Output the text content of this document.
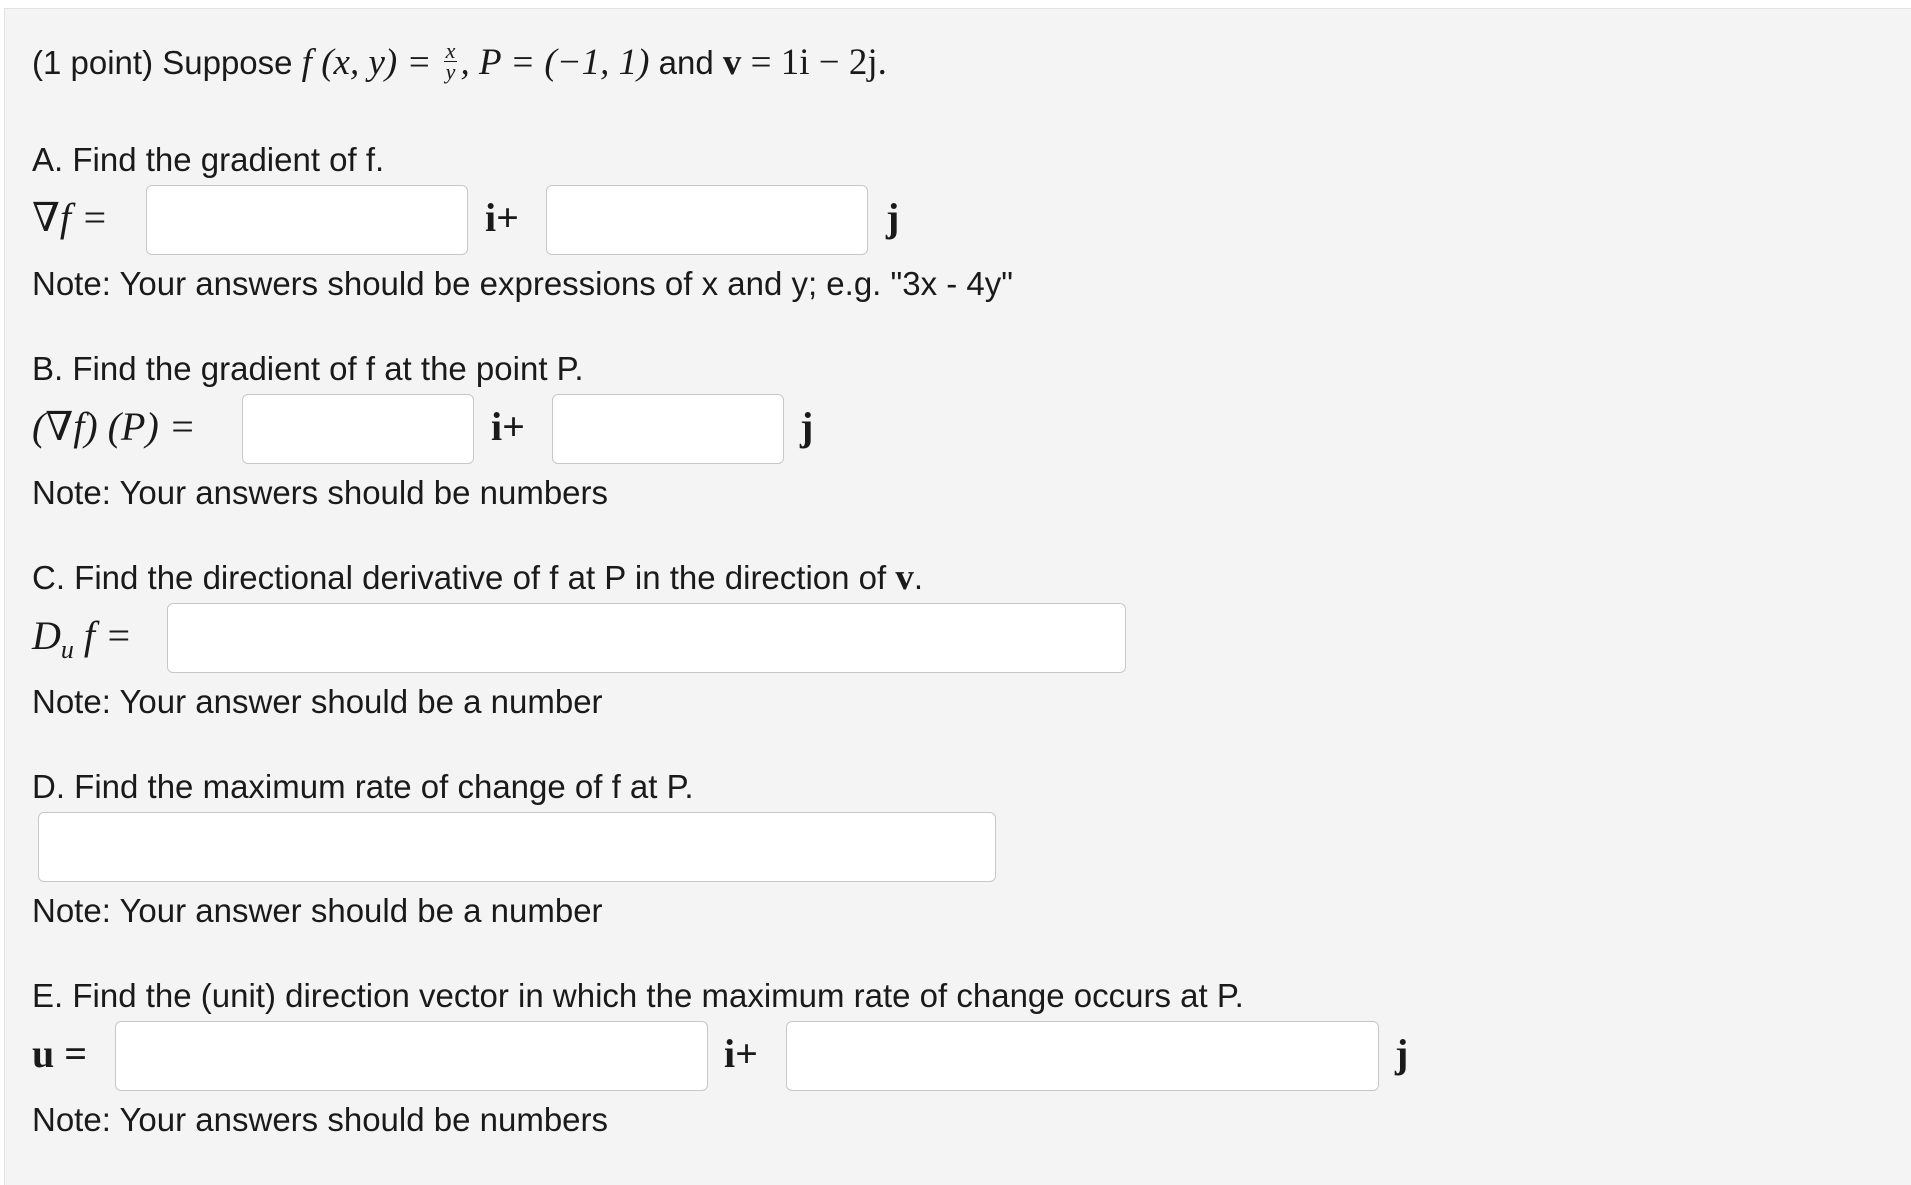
(1 point) Suppose f (x, $y) = \frac{x}{y}$ , P = (−1, 1) and v = 1i − 2j.
A. Find the gradient of f.
∇f =	i+	j
Note: Your answers should be expressions of x and y; e.g. "3x - 4y"
B. Find the gradient of f at the point P.
(∇f) (P) =	i+	j
Note: Your answers should be numbers
C. Find the directional derivative of f at P in the direction of v.
$D_u$ f =
Note: Your answer should be a number
D. Find the maximum rate of change of f at P.
Note: Your answer should be a number
E. Find the (unit) direction vector in which the maximum rate of change occurs at P.
u =	i+	j
Note: Your answers should be numbers
